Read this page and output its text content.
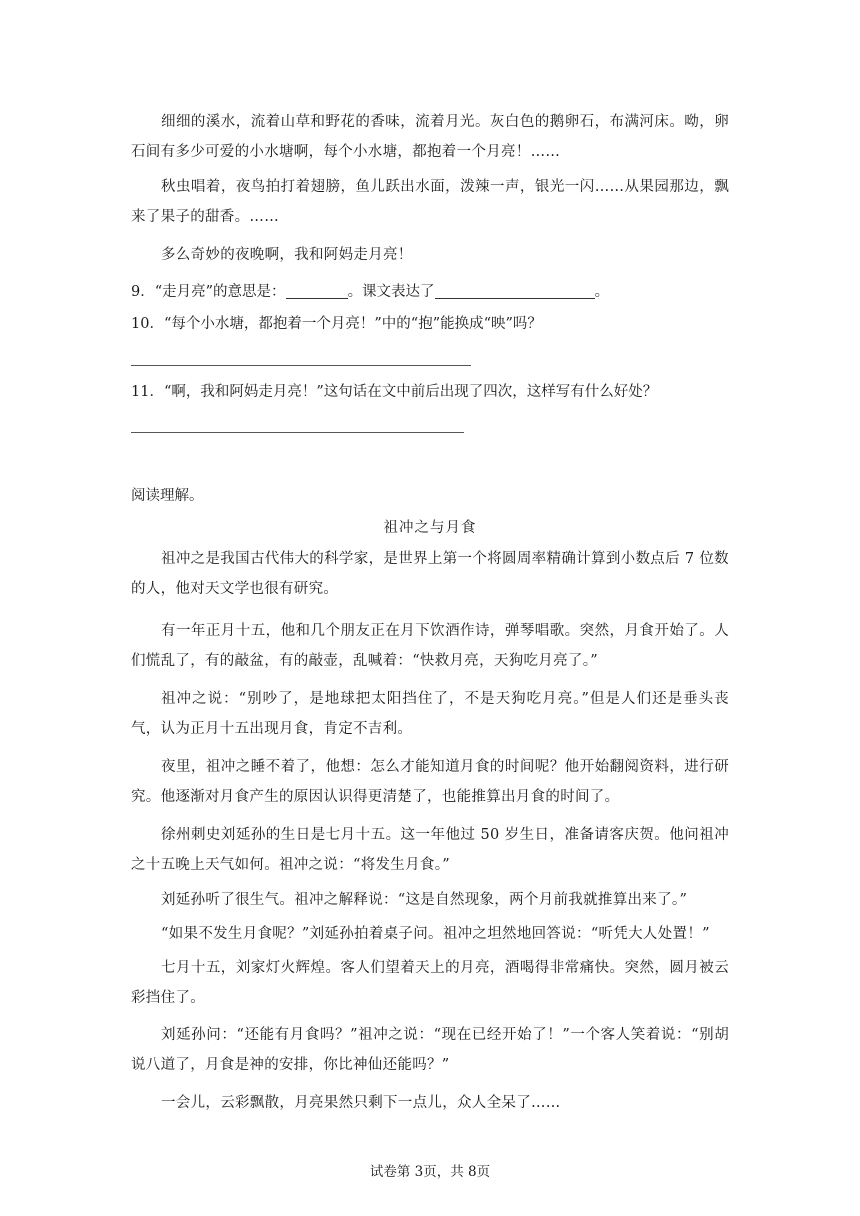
细细的溪水，流着山草和野花的香味，流着月光。灰白色的鹅卵石，布满河床。呦，卵石间有多少可爱的小水塘啊，每个小水塘，都抱着一个月亮！……

秋虫唱着，夜鸟拍打着翅膀，鱼儿跃出水面，泼辣一声，银光一闪……从果园那边，飘来了果子的甜香。……

多么奇妙的夜晚啊，我和阿妈走月亮！

9．“走月亮”的意思是：	。课文表达了	。

10．“每个小水塘，都抱着一个月亮！”中的“抱”能换成“映”吗？

11．“啊，我和阿妈走月亮！”这句话在文中前后出现了四次，这样写有什么好处？

阅读理解。

祖冲之与月食

祖冲之是我国古代伟大的科学家，是世界上第一个将圆周率精确计算到小数点后 7 位数的人，他对天文学也很有研究。

有一年正月十五，他和几个朋友正在月下饮酒作诗，弹琴唱歌。突然，月食开始了。人们慌乱了，有的敲盆，有的敲壶，乱喊着：“快救月亮，天狗吃月亮了。”

祖冲之说：“别吵了，是地球把太阳挡住了，不是天狗吃月亮。”但是人们还是垂头丧气，认为正月十五出现月食，肯定不吉利。

夜里，祖冲之睡不着了，他想：怎么才能知道月食的时间呢？他开始翻阅资料，进行研究。他逐渐对月食产生的原因认识得更清楚了，也能推算出月食的时间了。

徐州刺史刘延孙的生日是七月十五。这一年他过 50 岁生日，准备请客庆贺。他问祖冲之十五晚上天气如何。祖冲之说：“将发生月食。”

刘延孙听了很生气。祖冲之解释说：“这是自然现象，两个月前我就推算出来了。”

“如果不发生月食呢？”刘延孙拍着桌子问。祖冲之坦然地回答说：“听凭大人处置！”

七月十五，刘家灯火辉煌。客人们望着天上的月亮，酒喝得非常痛快。突然，圆月被云彩挡住了。

刘延孙问：“还能有月食吗？”祖冲之说：“现在已经开始了！”一个客人笑着说：“别胡说八道了，月食是神的安排，你比神仙还能吗？”

一会儿，云彩飘散，月亮果然只剩下一点儿，众人全呆了……

试卷第 3页，共 8页
